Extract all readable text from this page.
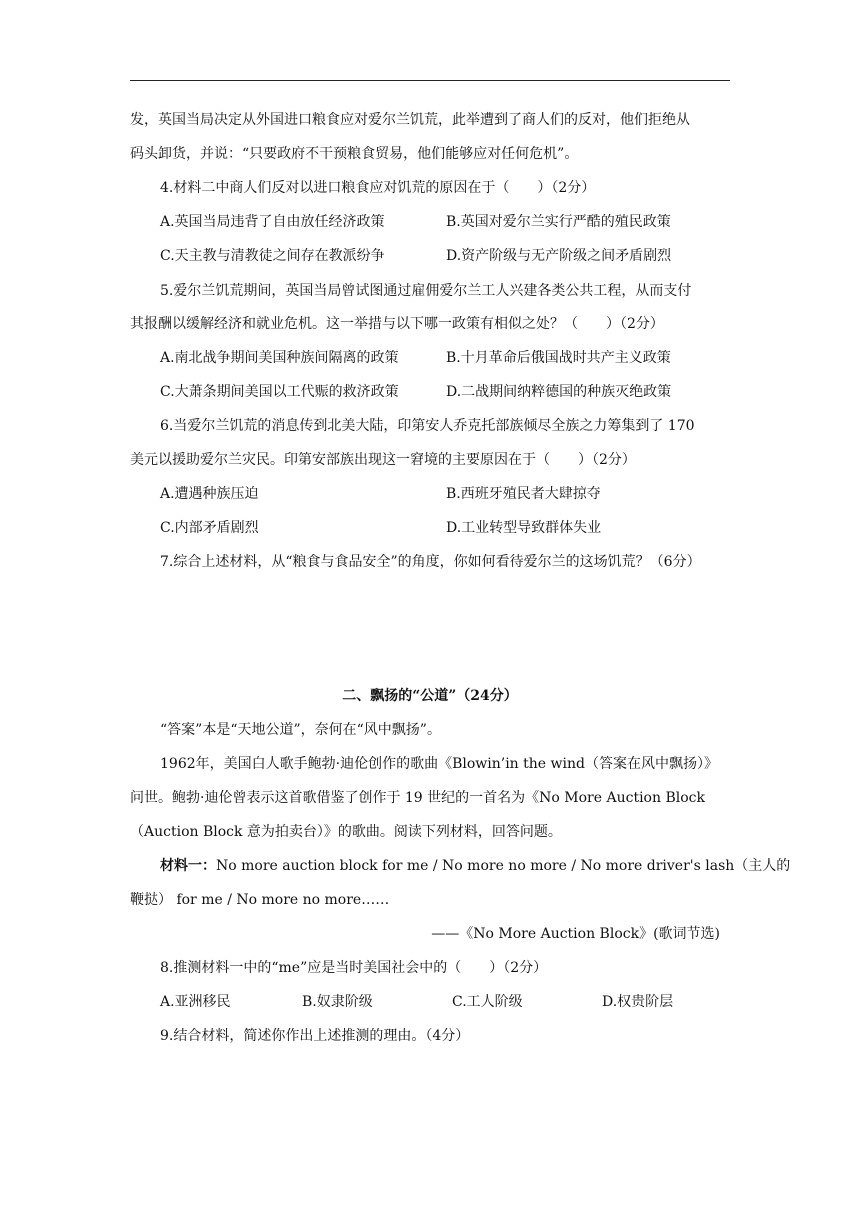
发，英国当局决定从外国进口粮食应对爱尔兰饥荒，此举遭到了商人们的反对，他们拒绝从
码头卸货，并说：“只要政府不干预粮食贸易，他们能够应对任何危机”。
4.材料二中商人们反对以进口粮食应对饥荒的原因在于（　　）（2分）
A.英国当局违背了自由放任经济政策	B.英国对爱尔兰实行严酷的殖民政策
C.天主教与清教徒之间存在教派纷争	D.资产阶级与无产阶级之间矛盾剧烈
5.爱尔兰饥荒期间，英国当局曾试图通过雇佣爱尔兰工人兴建各类公共工程，从而支付
其报酬以缓解经济和就业危机。这一举措与以下哪一政策有相似之处？（　　）（2分）
A.南北战争期间美国种族间隔离的政策	B.十月革命后俄国战时共产主义政策
C.大萧条期间美国以工代赈的救济政策	D.二战期间纳粹德国的种族灭绝政策
6.当爱尔兰饥荒的消息传到北美大陆，印第安人乔克托部族倾尽全族之力筹集到了 170
美元以援助爱尔兰灾民。印第安部族出现这一窘境的主要原因在于（　　）（2分）
A.遭遇种族压迫	B.西班牙殖民者大肆掠夺
C.内部矛盾剧烈	D.工业转型导致群体失业
7.综合上述材料，从“粮食与食品安全”的角度，你如何看待爱尔兰的这场饥荒？（6分）
二、飘扬的“公道”（24分）
“答案”本是“天地公道”，奈何在“风中飘扬”。
1962年，美国白人歌手鲍勃·迪伦创作的歌曲《Blowin’in the wind（答案在风中飘扬）》
问世。鲍勃·迪伦曾表示这首歌借鉴了创作于 19 世纪的一首名为《No More Auction Block
（Auction Block 意为拍卖台）》的歌曲。阅读下列材料，回答问题。
材料一：No more auction block for me / No more no more / No more driver's lash（主人的
鞭挞） for me / No more no more……
——《No More Auction Block》(歌词节选)
8.推测材料一中的“me”应是当时美国社会中的（　　）（2分）
A.亚洲移民	B.奴隶阶级	C.工人阶级	D.权贵阶层
9.结合材料，简述你作出上述推测的理由。（4分）
